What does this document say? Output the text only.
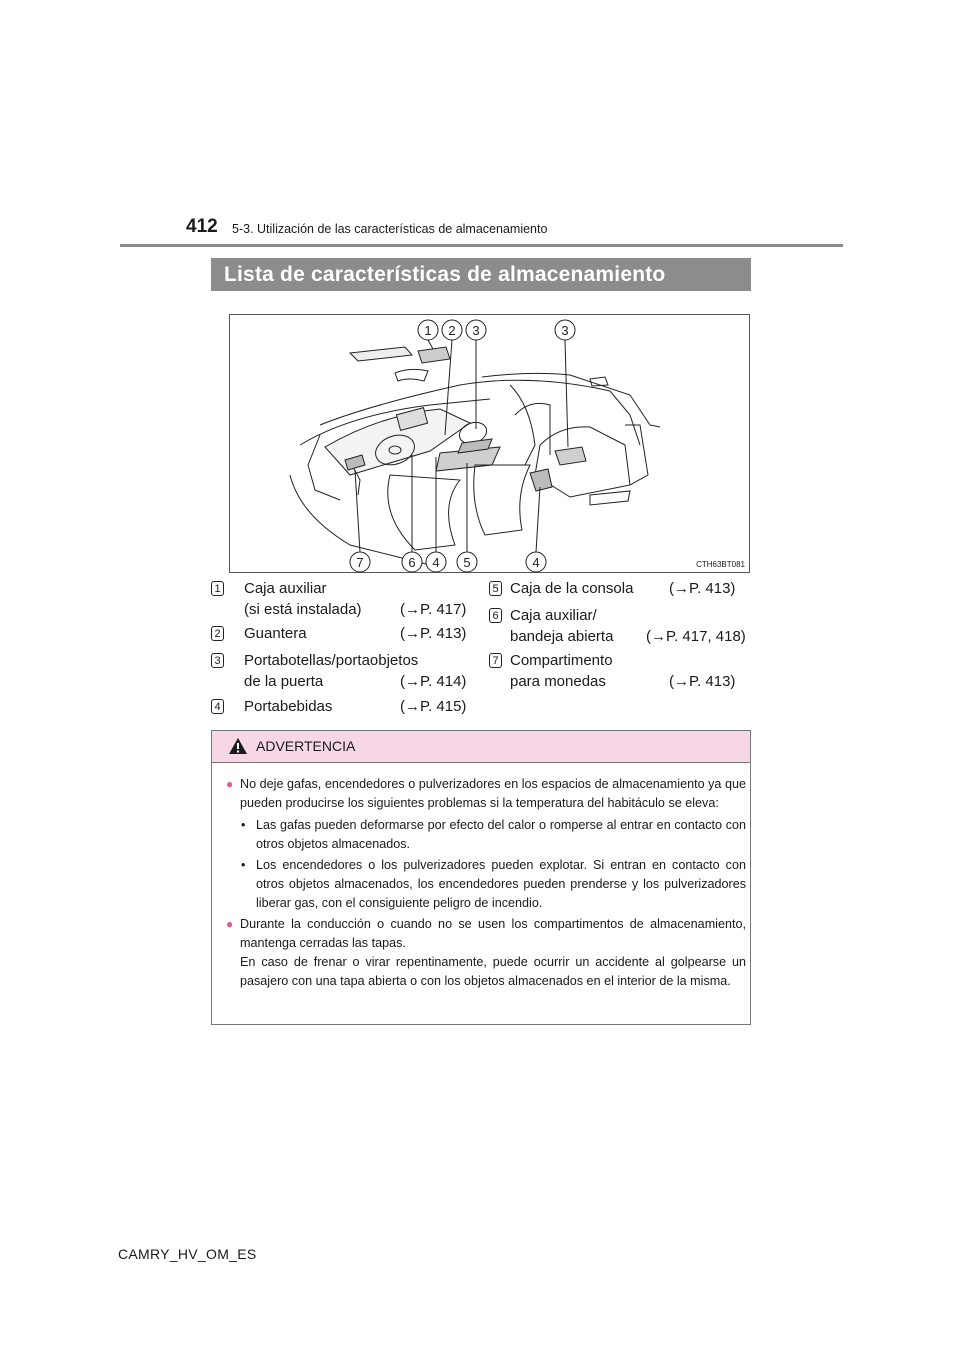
412 5-3. Utilización de las características de almacenamiento
Lista de características de almacenamiento
1 2 3	3
7	6 4 5	4	CTH63BT081
1 Caja auxiliar
(si está instalada)	(→P. 417)
2 Guantera	(→P. 413)
3 Portabotellas/portaobjetos
de la puerta	(→P. 414)
4 Portabebidas	(→P. 415)
5 Caja de la consola (→P. 413)
6 Caja auxiliar/
bandeja abierta (→P. 417, 418)
7 Compartimento
para monedas	(→P. 413)
ADVERTENCIA
● No deje gafas, encendedores o pulverizadores en los espacios de almacenamiento ya que pueden producirse los siguientes problemas si la temperatura del habitáculo se eleva:

• Las gafas pueden deformarse por efecto del calor o romperse al entrar en contacto con otros objetos almacenados.

• Los encendedores o los pulverizadores pueden explotar. Si entran en contacto con otros objetos almacenados, los encendedores pueden prenderse y los pulverizadores liberar gas, con el consiguiente peligro de incendio.

● Durante la conducción o cuando no se usen los compartimentos de almacenamiento, mantenga cerradas las tapas.

En caso de frenar o virar repentinamente, puede ocurrir un accidente al golpearse un pasajero con una tapa abierta o con los objetos almacenados en el interior de la misma.

CAMRY_HV_OM_ES
